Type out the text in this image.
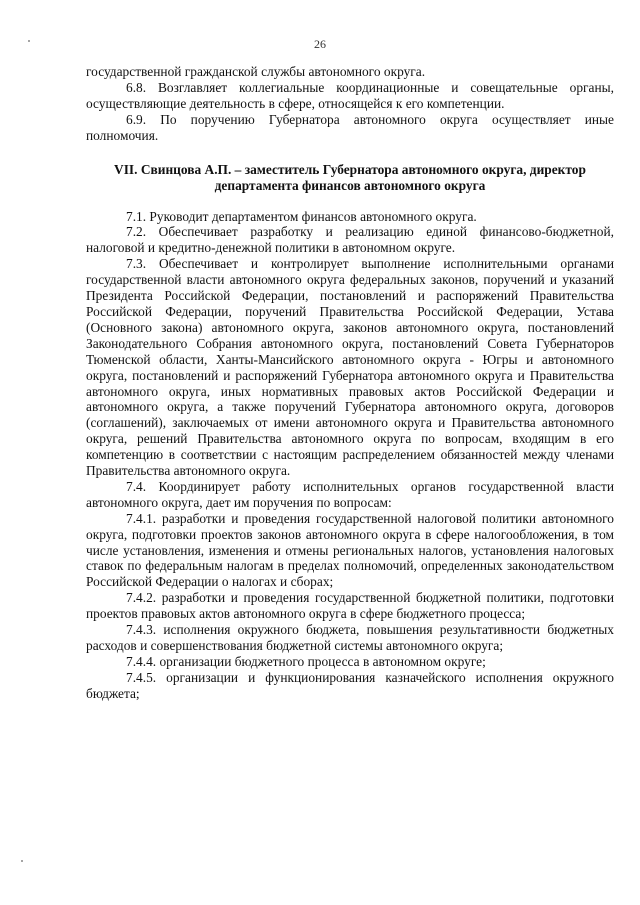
26

государственной гражданской службы автономного округа.

6.8. Возглавляет коллегиальные координационные и совещательные органы, осуществляющие деятельность в сфере, относящейся к его компетенции.

6.9. По поручению Губернатора автономного округа осуществляет иные полномочия.

VII. Свинцова А.П. – заместитель Губернатора автономного округа, директор департамента финансов автономного округа

7.1. Руководит департаментом финансов автономного округа.

7.2. Обеспечивает разработку и реализацию единой финансово-бюджетной, налоговой и кредитно-денежной политики в автономном округе.

7.3. Обеспечивает и контролирует выполнение исполнительными органами государственной власти автономного округа федеральных законов, поручений и указаний Президента Российской Федерации, постановлений и распоряжений Правительства Российской Федерации, поручений Правительства Российской Федерации, Устава (Основного закона) автономного округа, законов автономного округа, постановлений Законодательного Собрания автономного округа, постановлений Совета Губернаторов Тюменской области, Ханты-Мансийского автономного округа - Югры и автономного округа, постановлений и распоряжений Губернатора автономного округа и Правительства автономного округа, иных нормативных правовых актов Российской Федерации и автономного округа, а также поручений Губернатора автономного округа, договоров (соглашений), заключаемых от имени автономного округа и Правительства автономного округа, решений Правительства автономного округа по вопросам, входящим в его компетенцию в соответствии с настоящим распределением обязанностей между членами Правительства автономного округа.

7.4. Координирует работу исполнительных органов государственной власти автономного округа, дает им поручения по вопросам:

7.4.1. разработки и проведения государственной налоговой политики автономного округа, подготовки проектов законов автономного округа в сфере налогообложения, в том числе установления, изменения и отмены региональных налогов, установления налоговых ставок по федеральным налогам в пределах полномочий, определенных законодательством Российской Федерации о налогах и сборах;

7.4.2. разработки и проведения государственной бюджетной политики, подготовки проектов правовых актов автономного округа в сфере бюджетного процесса;

7.4.3. исполнения окружного бюджета, повышения результативности бюджетных расходов и совершенствования бюджетной системы автономного округа;

7.4.4. организации бюджетного процесса в автономном округе;

7.4.5. организации и функционирования казначейского исполнения окружного бюджета;
